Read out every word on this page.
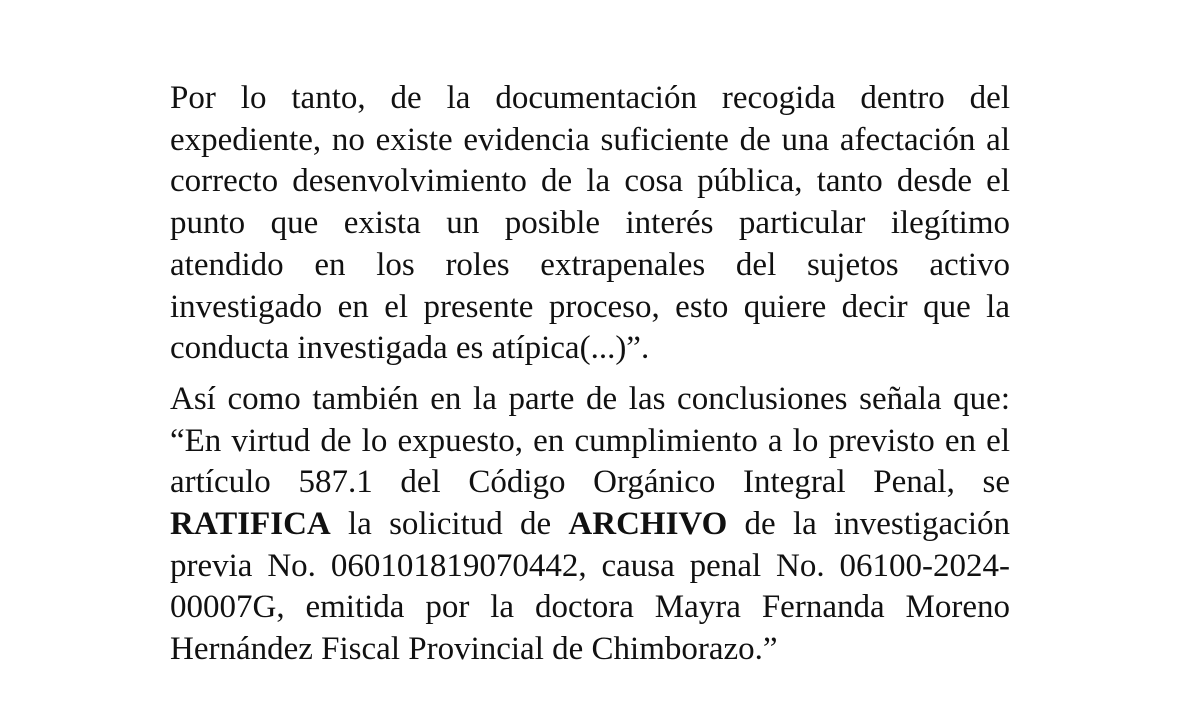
Por lo tanto, de la documentación recogida dentro del expediente, no existe evidencia suficiente de una afectación al correcto desenvolvimiento de la cosa pública, tanto desde el punto que exista un posible interés particular ilegítimo atendido en los roles extrapenales del sujetos activo investigado en el presente proceso, esto quiere decir que la conducta investigada es atípica(...)”.

Así como también en la parte de las conclusiones señala que: “En virtud de lo expuesto, en cumplimiento a lo previsto en el artículo 587.1 del Código Orgánico Integral Penal, se RATIFICA la solicitud de ARCHIVO de la investigación previa No. 060101819070442, causa penal No. 06100-2024-00007G, emitida por la doctora Mayra Fernanda Moreno Hernández Fiscal Provincial de Chimborazo.”
